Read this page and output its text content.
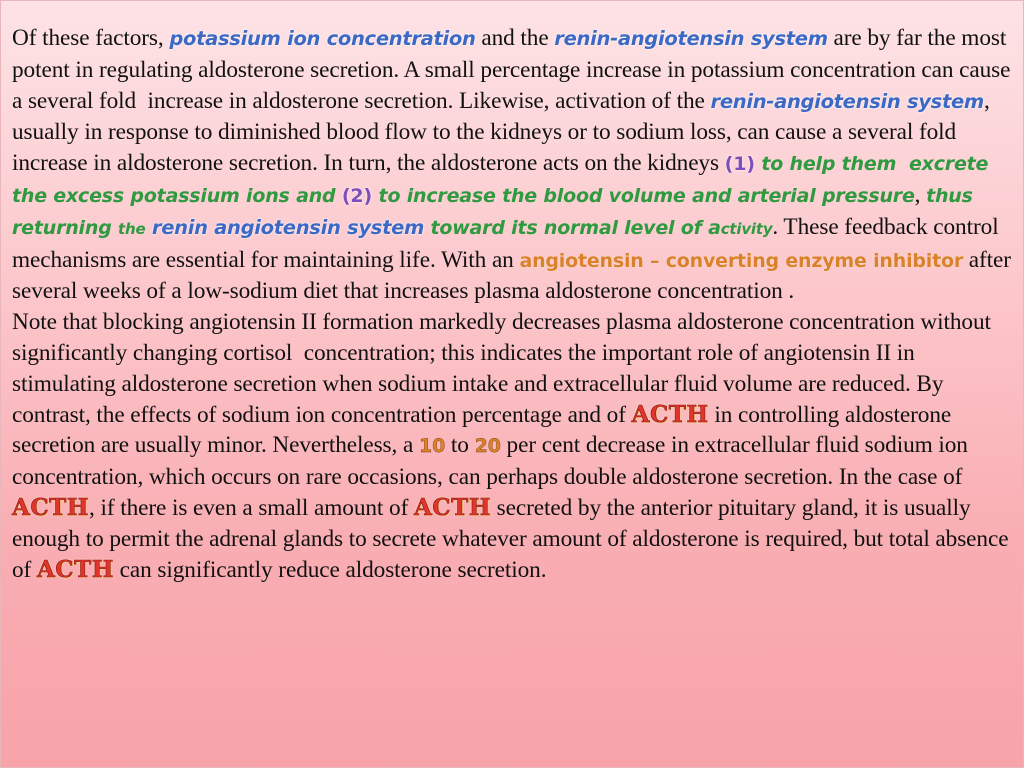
Of these factors, potassium ion concentration and the renin-angiotensin system are by far the most potent in regulating aldosterone secretion. A small percentage increase in potassium concentration can cause a several fold  increase in aldosterone secretion. Likewise, activation of the renin-angiotensin system, usually in response to diminished blood flow to the kidneys or to sodium loss, can cause a several fold increase in aldosterone secretion. In turn, the aldosterone acts on the kidneys (1) to help them  excrete the excess potassium ions and (2) to increase the blood volume and arterial pressure, thus returning the renin angiotensin system toward its normal level of activity. These feedback control mechanisms are essential for maintaining life. With an angiotensin – converting enzyme inhibitor after several weeks of a low-sodium diet that increases plasma aldosterone concentration .

Note that blocking angiotensin II formation markedly decreases plasma aldosterone concentration without significantly changing cortisol  concentration; this indicates the important role of angiotensin II in stimulating aldosterone secretion when sodium intake and extracellular fluid volume are reduced. By contrast, the effects of sodium ion concentration percentage and of ACTH in controlling aldosterone secretion are usually minor. Nevertheless, a 10 to 20 per cent decrease in extracellular fluid sodium ion concentration, which occurs on rare occasions, can perhaps double aldosterone secretion. In the case of ACTH, if there is even a small amount of ACTH secreted by the anterior pituitary gland, it is usually enough to permit the adrenal glands to secrete whatever amount of aldosterone is required, but total absence of ACTH can significantly reduce aldosterone secretion.
